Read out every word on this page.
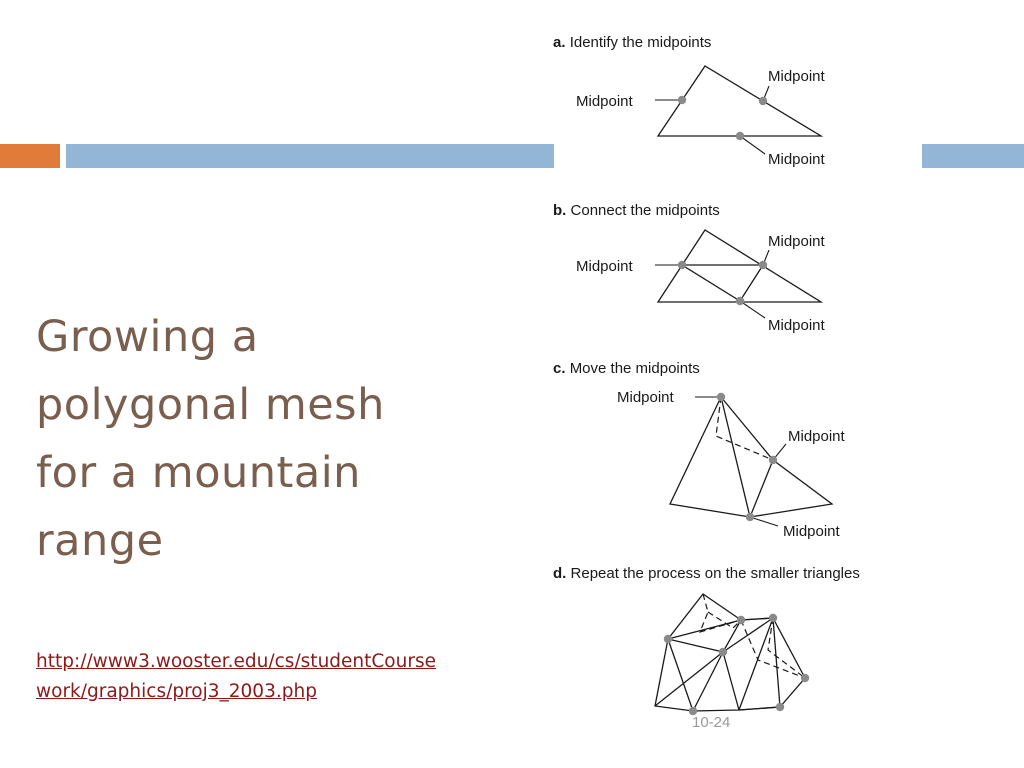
Growing a
polygonal mesh
for a mountain
range
http://www3.wooster.edu/cs/studentCourse
work/graphics/proj3_2003.php
a. Identify the midpoints
Midpoint
Midpoint
Midpoint
b. Connect the midpoints
Midpoint
Midpoint
Midpoint
c. Move the midpoints
Midpoint
Midpoint
Midpoint
d. Repeat the process on the smaller triangles
10-24
